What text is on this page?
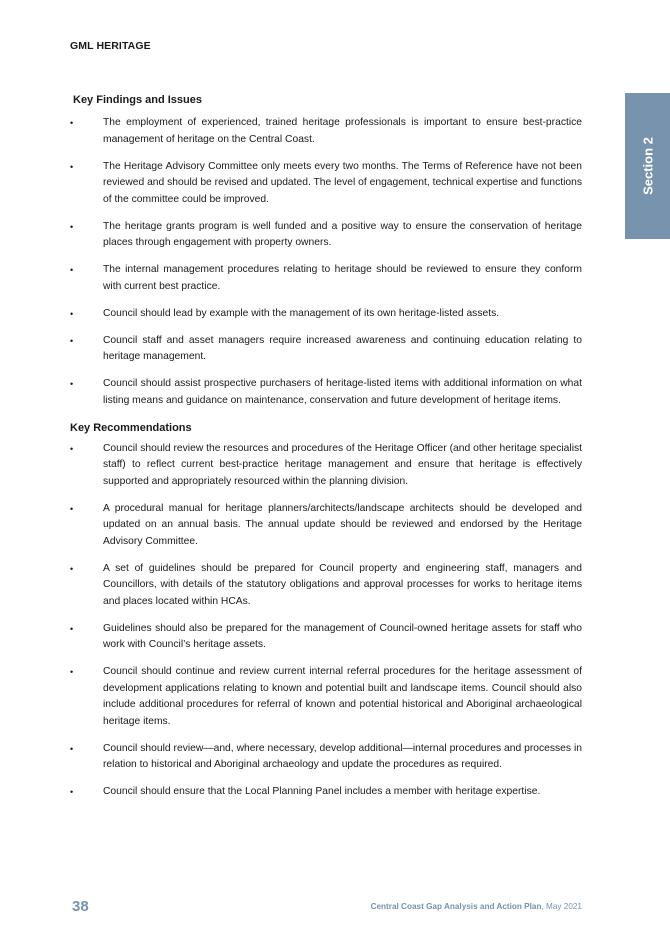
GML HERITAGE
Section 2
Key Findings and Issues
• The employment of experienced, trained heritage professionals is important to ensure best-practice management of heritage on the Central Coast.
• The Heritage Advisory Committee only meets every two months. The Terms of Reference have not been reviewed and should be revised and updated. The level of engagement, technical expertise and functions of the committee could be improved.
• The heritage grants program is well funded and a positive way to ensure the conservation of heritage places through engagement with property owners.
• The internal management procedures relating to heritage should be reviewed to ensure they conform with current best practice.
• Council should lead by example with the management of its own heritage-listed assets.
• Council staff and asset managers require increased awareness and continuing education relating to heritage management.
• Council should assist prospective purchasers of heritage-listed items with additional information on what listing means and guidance on maintenance, conservation and future development of heritage items.
Key Recommendations
• Council should review the resources and procedures of the Heritage Officer (and other heritage specialist staff) to reflect current best-practice heritage management and ensure that heritage is effectively supported and appropriately resourced within the planning division.
• A procedural manual for heritage planners/architects/landscape architects should be developed and updated on an annual basis. The annual update should be reviewed and endorsed by the Heritage Advisory Committee.
• A set of guidelines should be prepared for Council property and engineering staff, managers and Councillors, with details of the statutory obligations and approval processes for works to heritage items and places located within HCAs.
• Guidelines should also be prepared for the management of Council-owned heritage assets for staff who work with Council’s heritage assets.
• Council should continue and review current internal referral procedures for the heritage assessment of development applications relating to known and potential built and landscape items. Council should also include additional procedures for referral of known and potential historical and Aboriginal archaeological heritage items.
• Council should review—and, where necessary, develop additional—internal procedures and processes in relation to historical and Aboriginal archaeology and update the procedures as required.
• Council should ensure that the Local Planning Panel includes a member with heritage expertise.
38	Central Coast Gap Analysis and Action Plan, May 2021
